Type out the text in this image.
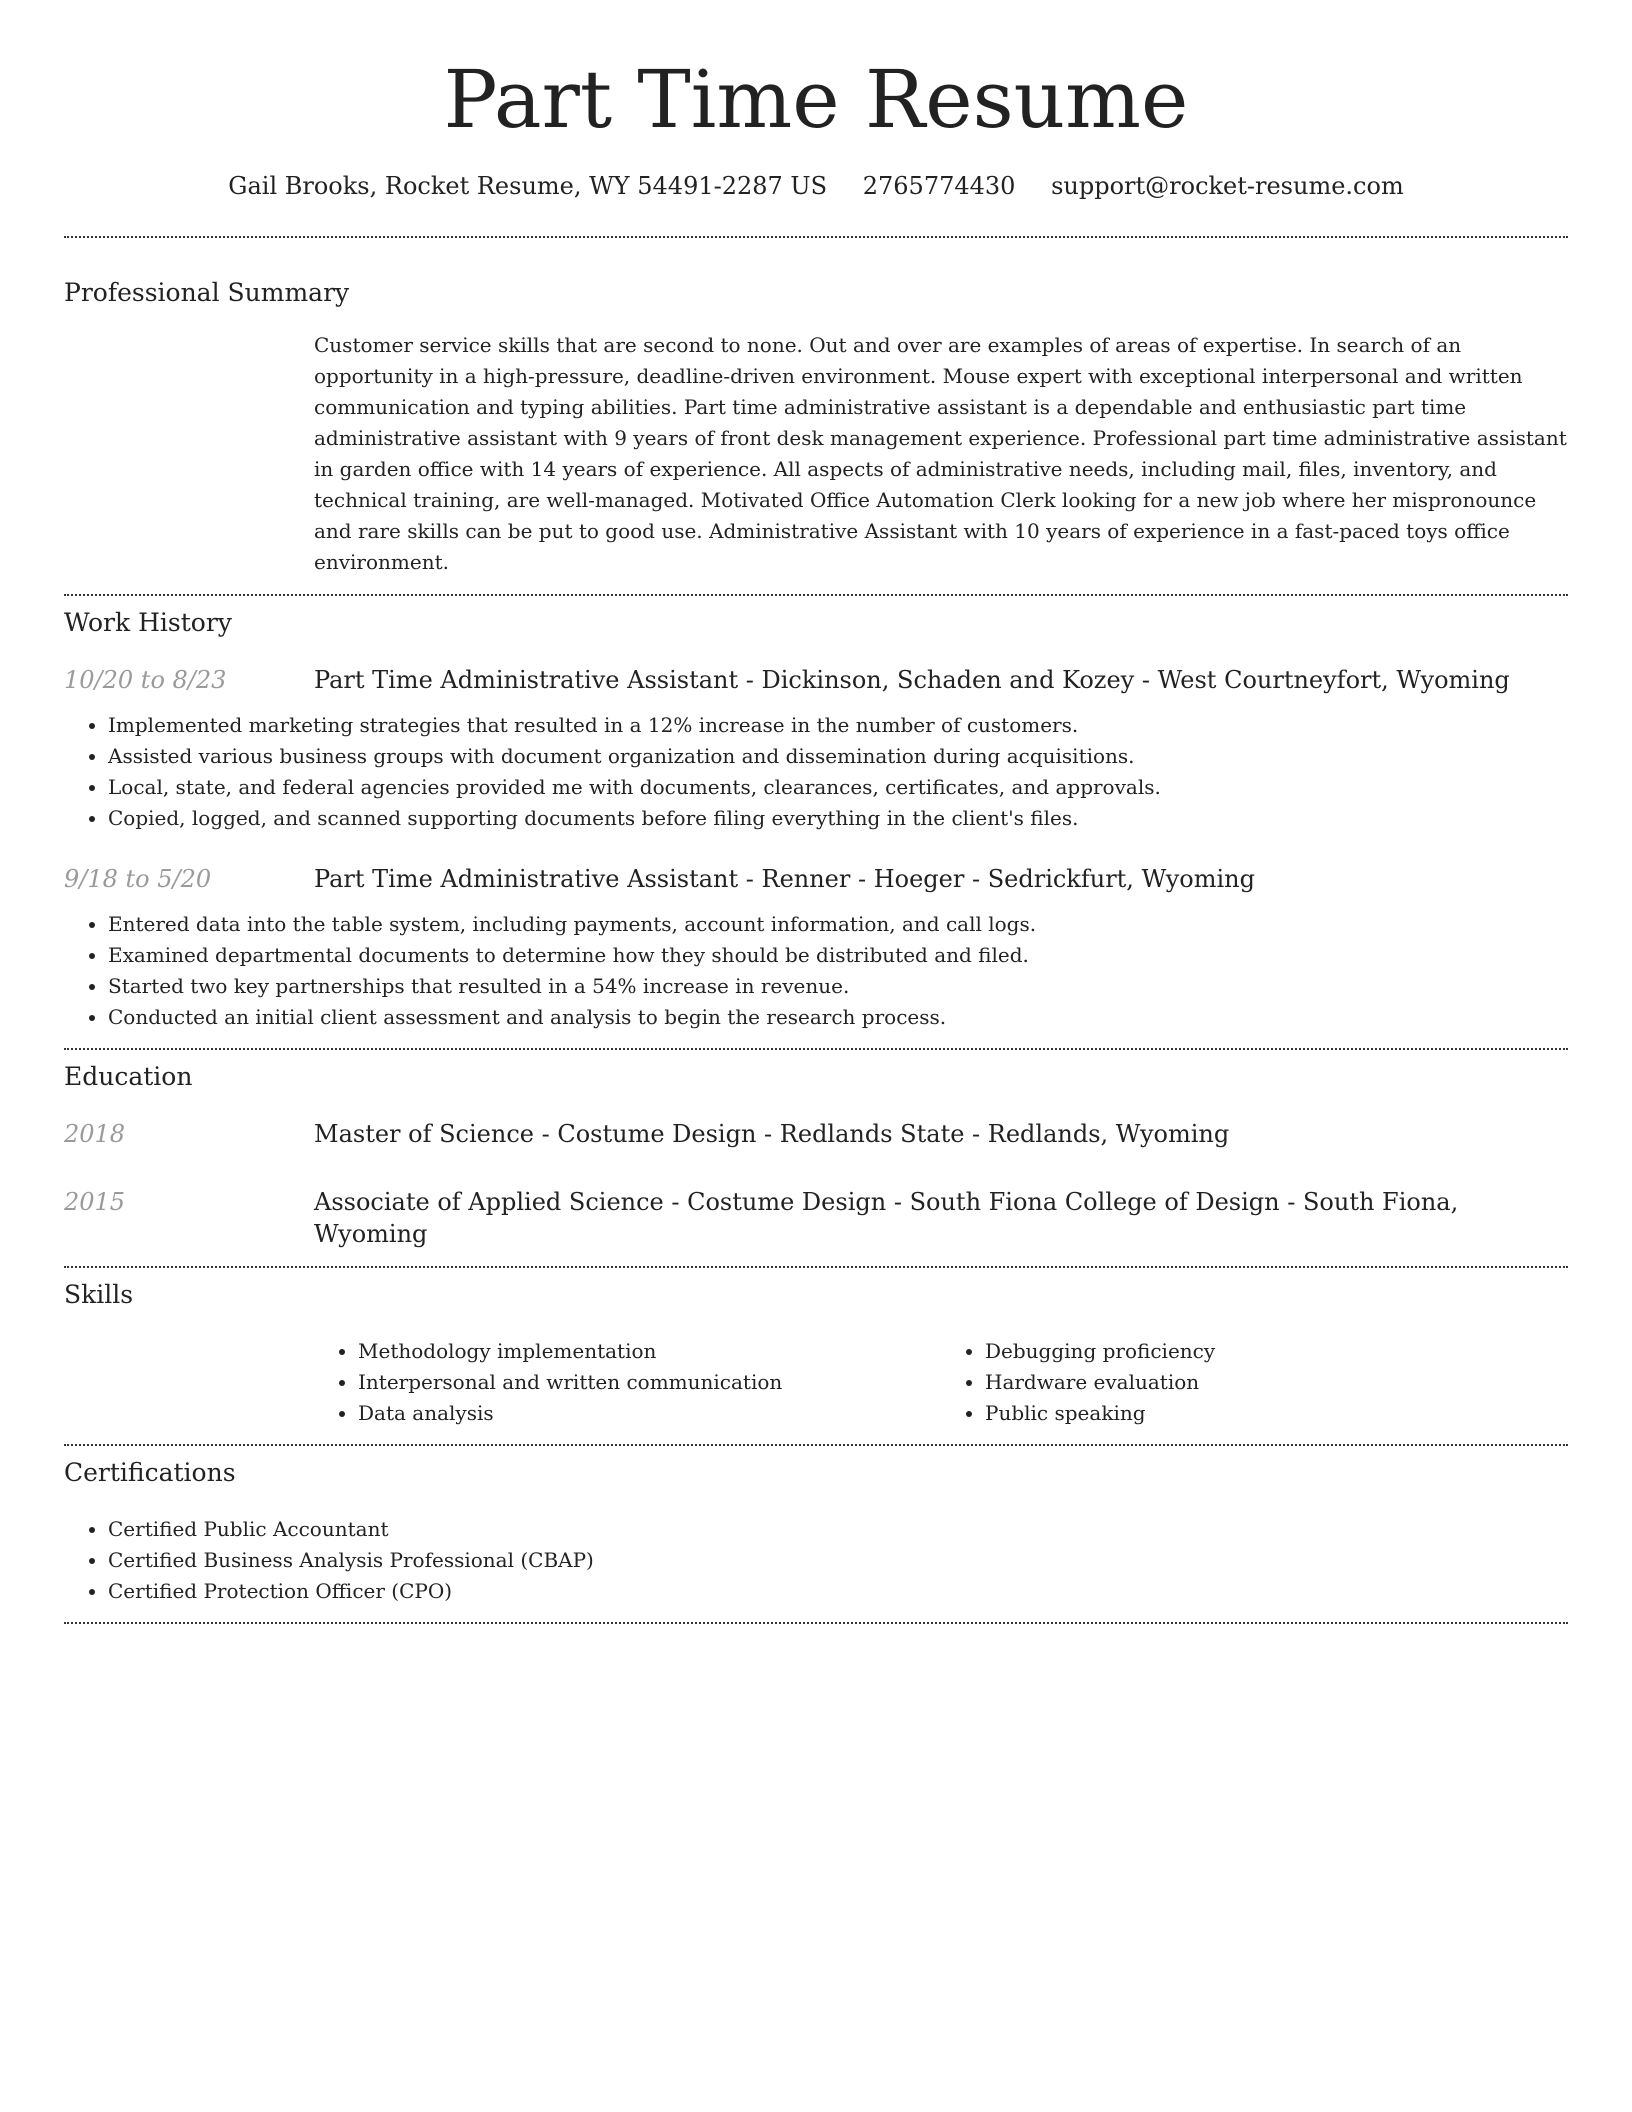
Part Time Resume
Gail Brooks, Rocket Resume, WY 54491-2287 US 2765774430 support@rocket-resume.com
Professional Summary

Customer service skills that are second to none. Out and over are examples of areas of expertise. In search of an opportunity in a high-pressure, deadline-driven environment. Mouse expert with exceptional interpersonal and written communication and typing abilities. Part time administrative assistant is a dependable and enthusiastic part time administrative assistant with 9 years of front desk management experience. Professional part time administrative assistant in garden office with 14 years of experience. All aspects of administrative needs, including mail, files, inventory, and technical training, are well-managed. Motivated Office Automation Clerk looking for a new job where her mispronounce and rare skills can be put to good use. Administrative Assistant with 10 years of experience in a fast-paced toys office environment.

Work History
10/20 to 8/23	Part Time Administrative Assistant - Dickinson, Schaden and Kozey - West Courtneyfort, Wyoming
• Implemented marketing strategies that resulted in a 12% increase in the number of customers.
• Assisted various business groups with document organization and dissemination during acquisitions.
• Local, state, and federal agencies provided me with documents, clearances, certificates, and approvals.
• Copied, logged, and scanned supporting documents before filing everything in the client's files.
9/18 to 5/20	Part Time Administrative Assistant - Renner - Hoeger - Sedrickfurt, Wyoming
• Entered data into the table system, including payments, account information, and call logs.
• Examined departmental documents to determine how they should be distributed and filed.
• Started two key partnerships that resulted in a 54% increase in revenue.
• Conducted an initial client assessment and analysis to begin the research process.
Education
2018	Master of Science - Costume Design - Redlands State - Redlands, Wyoming
2015	Associate of Applied Science - Costume Design - South Fiona College of Design - South Fiona, Wyoming
Skills
• Methodology implementation
• Interpersonal and written communication
• Data analysis
• Debugging proficiency
• Hardware evaluation
• Public speaking
Certifications
• Certified Public Accountant
• Certified Business Analysis Professional (CBAP)
• Certified Protection Officer (CPO)
